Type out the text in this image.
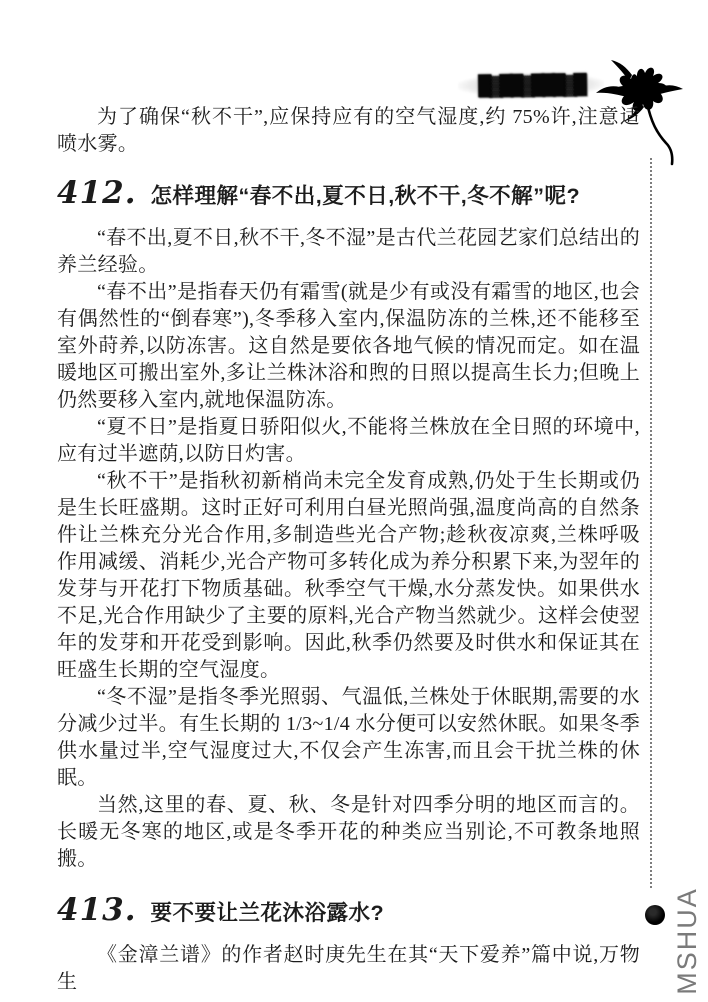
█▓██▓███▓█

为了确保“秋不干”,应保持应有的空气湿度,约 75%许,注意适喷水雾。

412. 怎样理解“春不出,夏不日,秋不干,冬不解”呢?

“春不出,夏不日,秋不干,冬不湿”是古代兰花园艺家们总结出的养兰经验。

“春不出”是指春天仍有霜雪(就是少有或没有霜雪的地区,也会有偶然性的“倒春寒”),冬季移入室内,保温防冻的兰株,还不能移至室外莳养,以防冻害。这自然是要依各地气候的情况而定。如在温暖地区可搬出室外,多让兰株沐浴和煦的日照以提高生长力;但晚上仍然要移入室内,就地保温防冻。

“夏不日”是指夏日骄阳似火,不能将兰株放在全日照的环境中,应有过半遮荫,以防日灼害。

“秋不干”是指秋初新梢尚未完全发育成熟,仍处于生长期或仍是生长旺盛期。这时正好可利用白昼光照尚强,温度尚高的自然条件让兰株充分光合作用,多制造些光合产物;趁秋夜凉爽,兰株呼吸作用减缓、消耗少,光合产物可多转化成为养分积累下来,为翌年的发芽与开花打下物质基础。秋季空气干燥,水分蒸发快。如果供水不足,光合作用缺少了主要的原料,光合产物当然就少。这样会使翌年的发芽和开花受到影响。因此,秋季仍然要及时供水和保证其在旺盛生长期的空气湿度。

“冬不湿”是指冬季光照弱、气温低,兰株处于休眠期,需要的水分减少过半。有生长期的 1/3~1/4 水分便可以安然休眠。如果冬季供水量过半,空气湿度过大,不仅会产生冻害,而且会干扰兰株的休眠。

当然,这里的春、夏、秋、冬是针对四季分明的地区而言的。长暖无冬寒的地区,或是冬季开花的种类应当别论,不可教条地照搬。

413. 要不要让兰花沐浴露水?

《金漳兰谱》的作者赵时庚先生在其“天下爱养”篇中说,万物生	MSHUA
